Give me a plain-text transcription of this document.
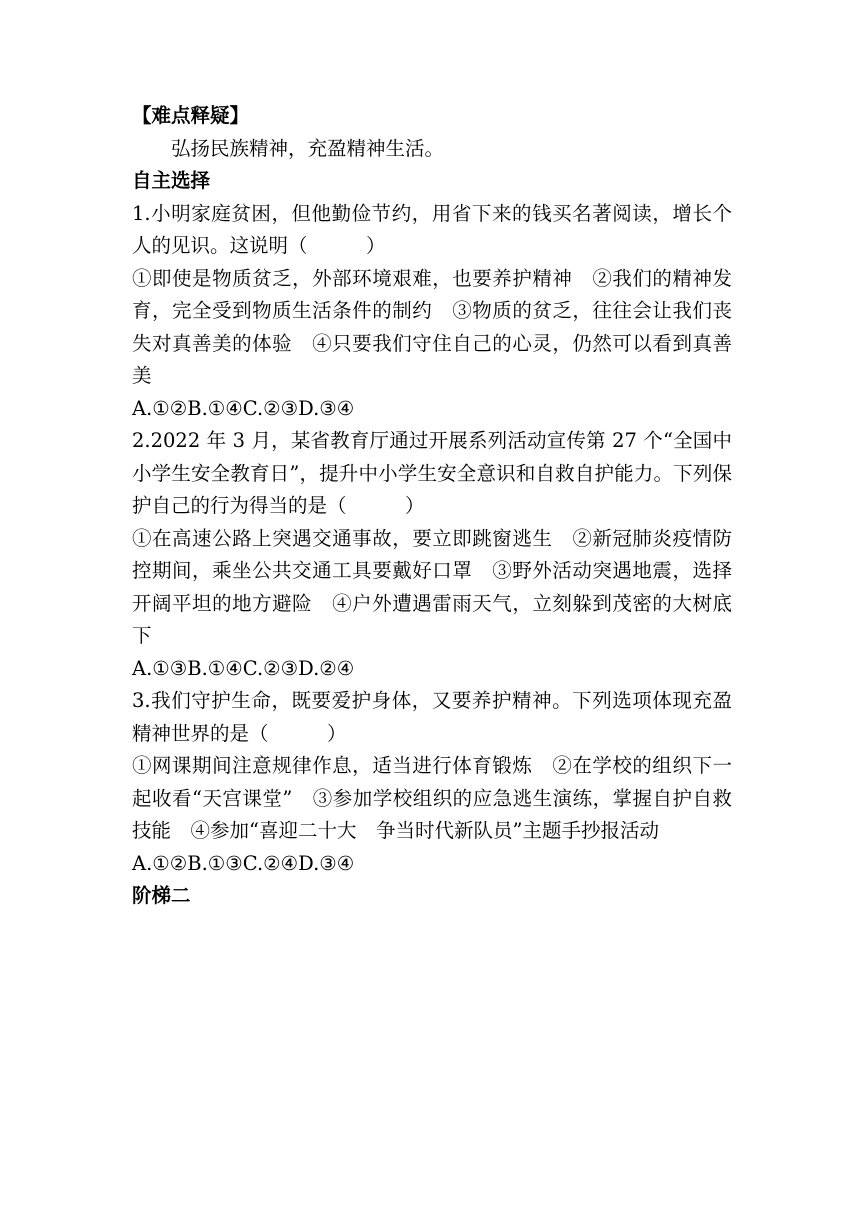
【难点释疑】

弘扬民族精神，充盈精神生活。

自主选择

1.小明家庭贫困，但他勤俭节约，用省下来的钱买名著阅读，增长个人的见识。这说明（　　　）

①即使是物质贫乏，外部环境艰难，也要养护精神　②我们的精神发育，完全受到物质生活条件的制约　③物质的贫乏，往往会让我们丧失对真善美的体验　④只要我们守住自己的心灵，仍然可以看到真善美

A.①②B.①④C.②③D.③④

2.2022 年 3 月，某省教育厅通过开展系列活动宣传第 27 个“全国中小学生安全教育日”，提升中小学生安全意识和自救自护能力。下列保护自己的行为得当的是（　　　）

①在高速公路上突遇交通事故，要立即跳窗逃生　②新冠肺炎疫情防控期间，乘坐公共交通工具要戴好口罩　③野外活动突遇地震，选择开阔平坦的地方避险　④户外遭遇雷雨天气，立刻躲到茂密的大树底下

A.①③B.①④C.②③D.②④

3.我们守护生命，既要爱护身体，又要养护精神。下列选项体现充盈精神世界的是（　　　）

①网课期间注意规律作息，适当进行体育锻炼　②在学校的组织下一起收看“天宫课堂”　③参加学校组织的应急逃生演练，掌握自护自救技能　④参加“喜迎二十大　争当时代新队员”主题手抄报活动

A.①②B.①③C.②④D.③④

阶梯二
